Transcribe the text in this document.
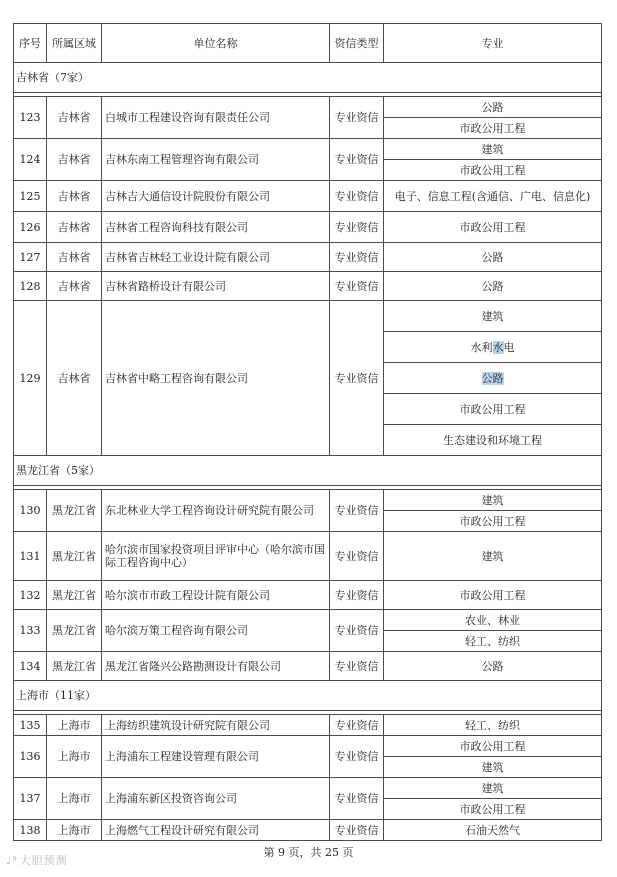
序号	所属区域	单位名称	资信类型	专业
吉林省（7家）				

123	吉林省	白城市工程建设咨询有限责任公司	专业资信	公路
				市政公用工程
124	吉林省	吉林东南工程管理咨询有限公司	专业资信	建筑
				市政公用工程
125	吉林省	吉林吉大通信设计院股份有限公司	专业资信	电子、信息工程(含通信、广电、信息化)
126	吉林省	吉林省工程咨询科技有限公司	专业资信	市政公用工程
127	吉林省	吉林省吉林轻工业设计院有限公司	专业资信	公路
128	吉林省	吉林省路桥设计有限公司	专业资信	公路
129	吉林省	吉林省中略工程咨询有限公司	专业资信	建筑
				水利水电
				公路
				市政公用工程
				生态建设和环境工程
黑龙江省（5家）				

130	黑龙江省	东北林业大学工程咨询设计研究院有限公司	专业资信	建筑
				市政公用工程
131	黑龙江省	哈尔滨市国家投资项目评审中心（哈尔滨市国际工程咨询中心）	专业资信	建筑
132	黑龙江省	哈尔滨市市政工程设计院有限公司	专业资信	市政公用工程
133	黑龙江省	哈尔滨万策工程咨询有限公司	专业资信	农业、林业
				轻工、纺织
134	黑龙江省	黑龙江省隆兴公路勘测设计有限公司	专业资信	公路
上海市（11家）				

135	上海市	上海纺织建筑设计研究院有限公司	专业资信	轻工、纺织
136	上海市	上海浦东工程建设管理有限公司	专业资信	市政公用工程
				建筑
137	上海市	上海浦东新区投资咨询公司	专业资信	建筑
				市政公用工程
138	上海市	上海燃气工程设计研究有限公司	专业资信	石油天然气
第 9 页，共 25 页
♩⁹ 大胆预测
